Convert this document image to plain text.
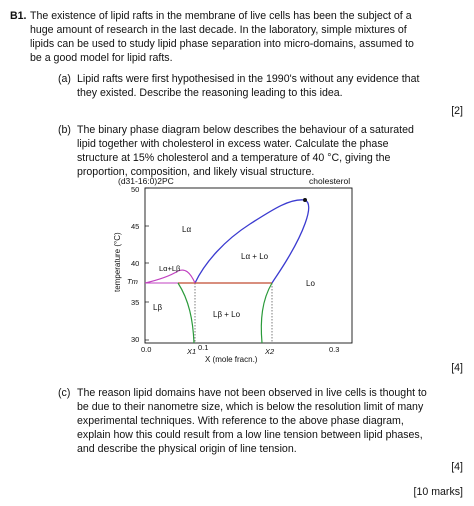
B1. The existence of lipid rafts in the membrane of live cells has been the subject of a
huge amount of research in the last decade. In the laboratory, simple mixtures of
lipids can be used to study lipid phase separation into micro-domains, assumed to
be a good model for lipid rafts.
(a) Lipid rafts were first hypothesised in the 1990's without any evidence that
they existed. Describe the reasoning leading to this idea.
[2]
(b) The binary phase diagram below describes the behaviour of a saturated
lipid together with cholesterol in excess water. Calculate the phase
structure at 15% cholesterol and a temperature of 40 °C, giving the
proportion, composition, and likely visual structure.
(d31-16:0)2PC	cholesterol
50
45
40
Tm
35
30
temperature (°C)
0.0	X1 0.1	X2	0.3
X (mole fracn.)
Lα
Lα + Lo
Lα+Lβ
Lo
Lβ
Lβ + Lo
[4]
(c) The reason lipid domains have not been observed in live cells is thought to
be due to their nanometre size, which is below the resolution limit of many
experimental techniques. With reference to the above phase diagram,
explain how this could result from a low line tension between lipid phases,
and describe the physical origin of line tension.
[4]
[10 marks]
